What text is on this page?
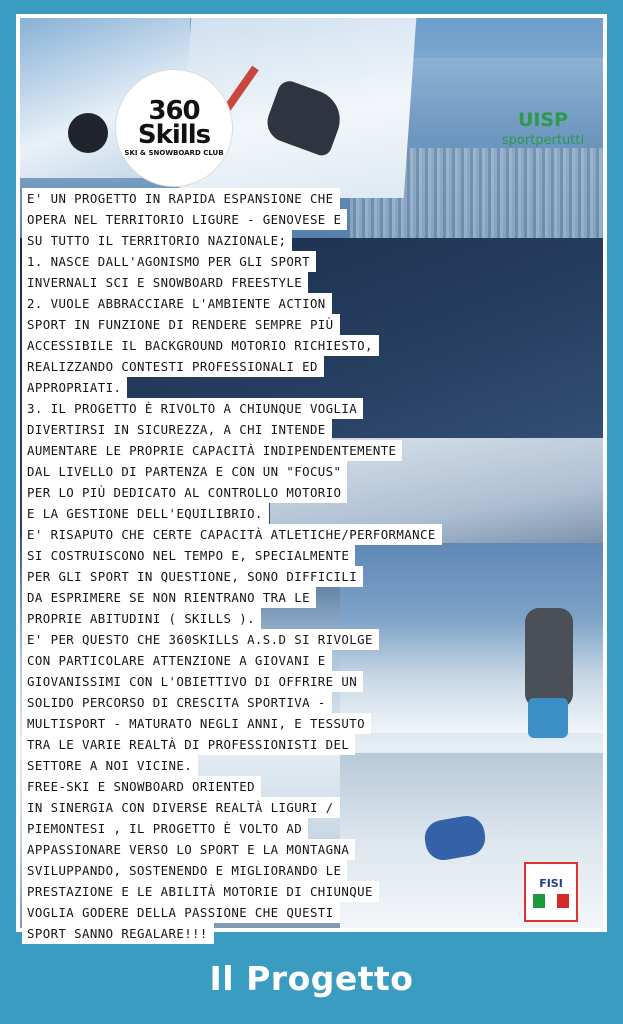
360
Skills
SKI & SNOWBOARD CLUB
UISP
sportpertutti
FISI

E' UN PROGETTO IN RAPIDA ESPANSIONE CHE

OPERA NEL TERRITORIO LIGURE - GENOVESE E

SU TUTTO IL TERRITORIO NAZIONALE;

1. NASCE DALL'AGONISMO PER GLI SPORT

INVERNALI SCI E SNOWBOARD FREESTYLE

2. VUOLE ABBRACCIARE L'AMBIENTE ACTION

SPORT IN FUNZIONE DI RENDERE SEMPRE PIÙ

ACCESSIBILE IL BACKGROUND MOTORIO RICHIESTO,

REALIZZANDO CONTESTI PROFESSIONALI ED

APPROPRIATI.

3. IL PROGETTO È RIVOLTO A CHIUNQUE VOGLIA

DIVERTIRSI IN SICUREZZA, A CHI INTENDE

AUMENTARE LE PROPRIE CAPACITÀ INDIPENDENTEMENTE

DAL LIVELLO DI PARTENZA E CON UN "FOCUS"

PER LO PIÙ DEDICATO AL CONTROLLO MOTORIO

E LA GESTIONE DELL'EQUILIBRIO.

E' RISAPUTO CHE CERTE CAPACITÀ ATLETICHE/PERFORMANCE

SI COSTRUISCONO NEL TEMPO E, SPECIALMENTE

PER GLI SPORT IN QUESTIONE, SONO DIFFICILI

DA ESPRIMERE SE NON RIENTRANO TRA LE

PROPRIE ABITUDINI ( SKILLS ).

E' PER QUESTO CHE 360SKILLS A.S.D SI RIVOLGE

CON PARTICOLARE ATTENZIONE A GIOVANI E

GIOVANISSIMI CON L'OBIETTIVO DI OFFRIRE UN

SOLIDO PERCORSO DI CRESCITA SPORTIVA -

MULTISPORT - MATURATO NEGLI ANNI, E TESSUTO

TRA LE VARIE REALTÀ DI PROFESSIONISTI DEL

SETTORE A NOI VICINE.

FREE-SKI E SNOWBOARD ORIENTED

IN SINERGIA CON DIVERSE REALTÀ LIGURI /

PIEMONTESI , IL PROGETTO È VOLTO AD

APPASSIONARE VERSO LO SPORT E LA MONTAGNA

SVILUPPANDO, SOSTENENDO E MIGLIORANDO LE

PRESTAZIONE E LE ABILITÀ MOTORIE DI CHIUNQUE

VOGLIA GODERE DELLA PASSIONE CHE QUESTI

SPORT SANNO REGALARE!!!

Il Progetto
